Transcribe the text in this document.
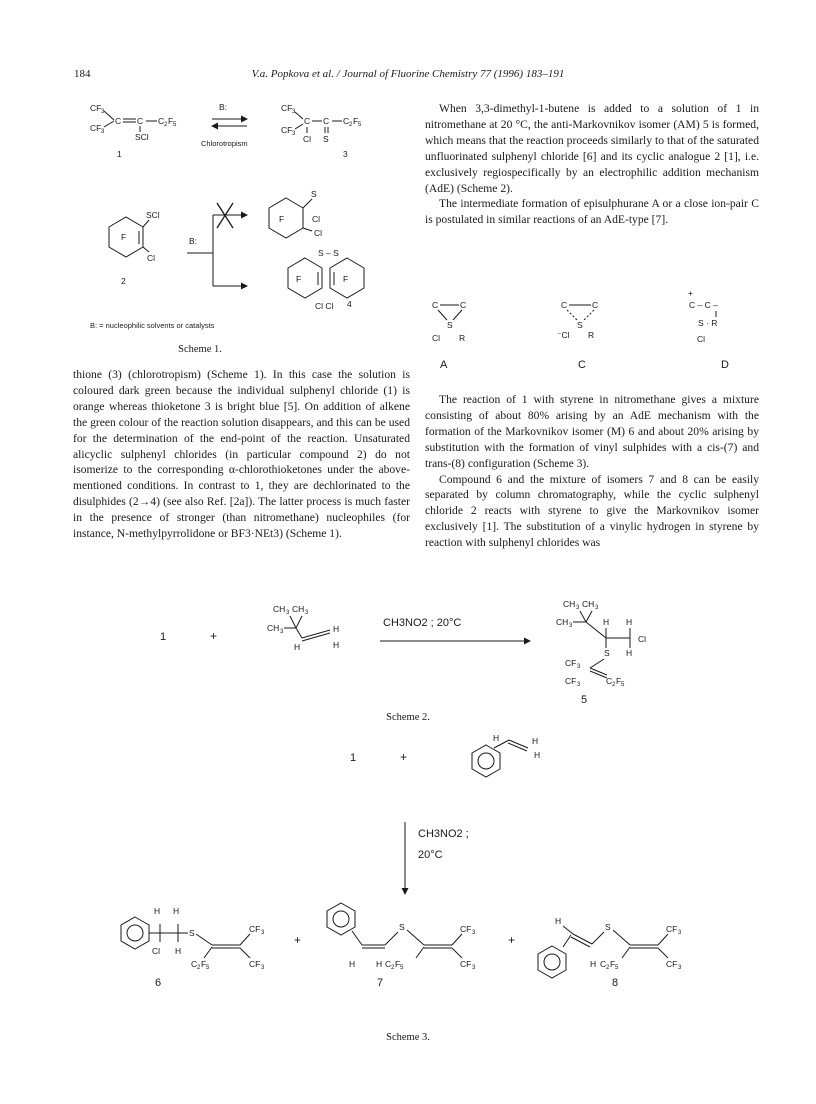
184	V.a. Popkova et al. / Journal of Fluorine Chemistry 77 (1996) 183–191

thione (3) (chlorotropism) (Scheme 1). In this case the solution is coloured dark green because the individual sulphenyl chloride (1) is orange whereas thioketone 3 is bright blue [5]. On addition of alkene the green colour of the reaction solution disappears, and this can be used for the determination of the end-point of the reaction. Unsaturated alicyclic sulphenyl chlorides (in particular compound 2) do not isomerize to the corresponding α-chlorothioketones under the above-mentioned conditions. In contrast to 1, they are dechlorinated to the disulphides (2→4) (see also Ref. [2a]). The latter process is much faster in the presence of stronger (than nitromethane) nucleophiles (for instance, N-methylpyrrolidone or BF3·NEt3) (Scheme 1).

When 3,3-dimethyl-1-butene is added to a solution of 1 in nitromethane at 20 °C, the anti-Markovnikov isomer (AM) 5 is formed, which means that the reaction proceeds similarly to that of the saturated unfluorinated sulphenyl chloride [6] and its cyclic analogue 2 [1], i.e. exclusively regiospecifically by an electrophilic addition mechanism (AdE) (Scheme 2).

The intermediate formation of episulphurane A or a close ion-pair C is postulated in similar reactions of an AdE-type [7].

The reaction of 1 with styrene in nitromethane gives a mixture consisting of about 80% arising by an AdE mechanism with the formation of the Markovnikov isomer (M) 6 and about 20% arising by substitution with the formation of vinyl sulphides with a cis-(7) and trans-(8) configuration (Scheme 3).

Compound 6 and the mixture of isomers 7 and 8 can be easily separated by column chromatography, while the cyclic sulphenyl chloride 2 reacts with styrene to give the Markovnikov isomer exclusively [1]. The substitution of a vinylic hydrogen in styrene by reaction with sulphenyl chlorides was

Scheme 1.
Scheme 2.
Scheme 3.
CF 3
CF 3
C C C 2 F 5
SCl
1
B:
Chlorotropism
CF 3
CF 3
C C C 2 F 5
Cl S
3
SCl
Cl
F
2
B:
S
Cl
Cl
F
F	F
S – S
Cl Cl 4
B: = nucleophilic solvents or catalysts
C	C
S
Cl R
A
C	C
S
⁻Cl R
C
+
C – C –
S · R
Cl
D
1	+
CH 3 CH 3
CH 3	H
H	H
CH3NO2 ; 20°C
CH 3 CH 3
CH 3	H H
Cl
S H
CF 3
CF 3	C 2 F 5
5
1	+
H	H
H
CH3NO2 ;
20°C
H H
Cl H
S	CF 3
C 2 F 5	CF 3
+
6
H H
S	CF 3
C 2 F 5	CF 3
+
7
H
H
S	CF 3
C 2 F 5	CF 3
8
